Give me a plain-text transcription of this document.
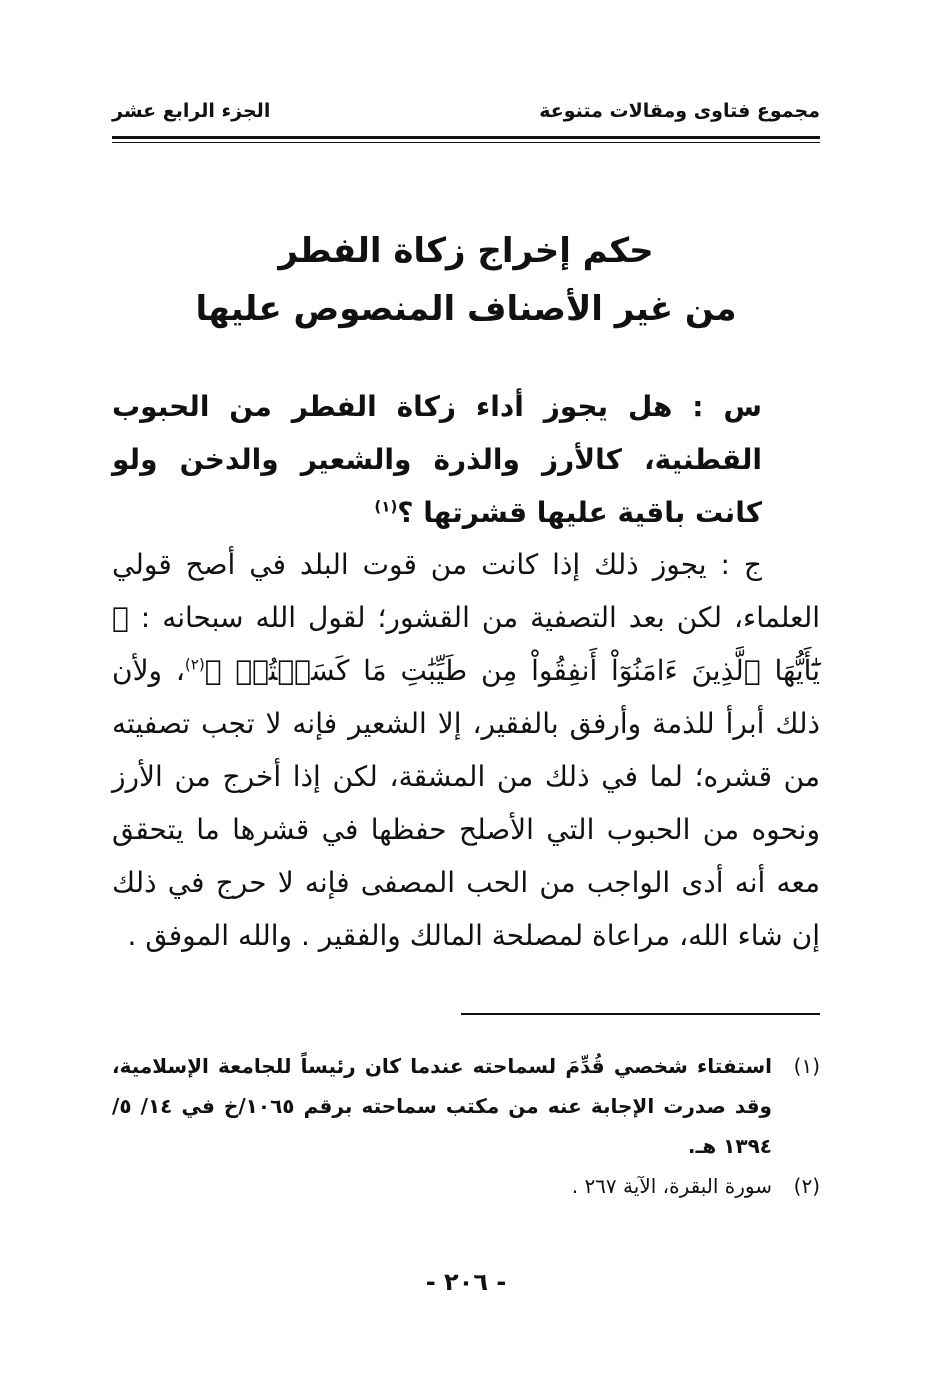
مجموع فتاوى ومقالات متنوعة
الجزء الرابع عشر
حكم إخراج زكاة الفطر
من غير الأصناف المنصوص عليها
س : هل يجوز أداء زكاة الفطر من الحبوب القطنية، كالأرز والذرة والشعير والدخن ولو كانت باقية عليها قشرتها ؟$^{(١)}$
ج : يجوز ذلك إذا كانت من قوت البلد في أصح قولي العلماء، لكن بعد التصفية من القشور؛ لقول الله سبحانه : ﴿ يَٰٓأَيُّهَا ٱلَّذِينَ ءَامَنُوٓاْ أَنفِقُواْ مِن طَيِّبَٰتِ مَا كَسَبۡتُمۡ ﴾$^{(٢)}$، ولأن ذلك أبرأ للذمة وأرفق بالفقير، إلا الشعير فإنه لا تجب تصفيته من قشره؛ لما في ذلك من المشقة، لكن إذا أخرج من الأرز ونحوه من الحبوب التي الأصلح حفظها في قشرها ما يتحقق معه أنه أدى الواجب من الحب المصفى فإنه لا حرج في ذلك إن شاء الله، مراعاة لمصلحة المالك والفقير . والله الموفق .
(١)
استفتاء شخصي قُدِّمَ لسماحته عندما كان رئيساً للجامعة الإسلامية، وقد صدرت الإجابة عنه من مكتب سماحته برقم ١٠٦٥/خ في ١٤/ ٥/ ١٣٩٤ هـ.
(٢)
سورة البقرة، الآية ٢٦٧ .
- ٢٠٦ -
